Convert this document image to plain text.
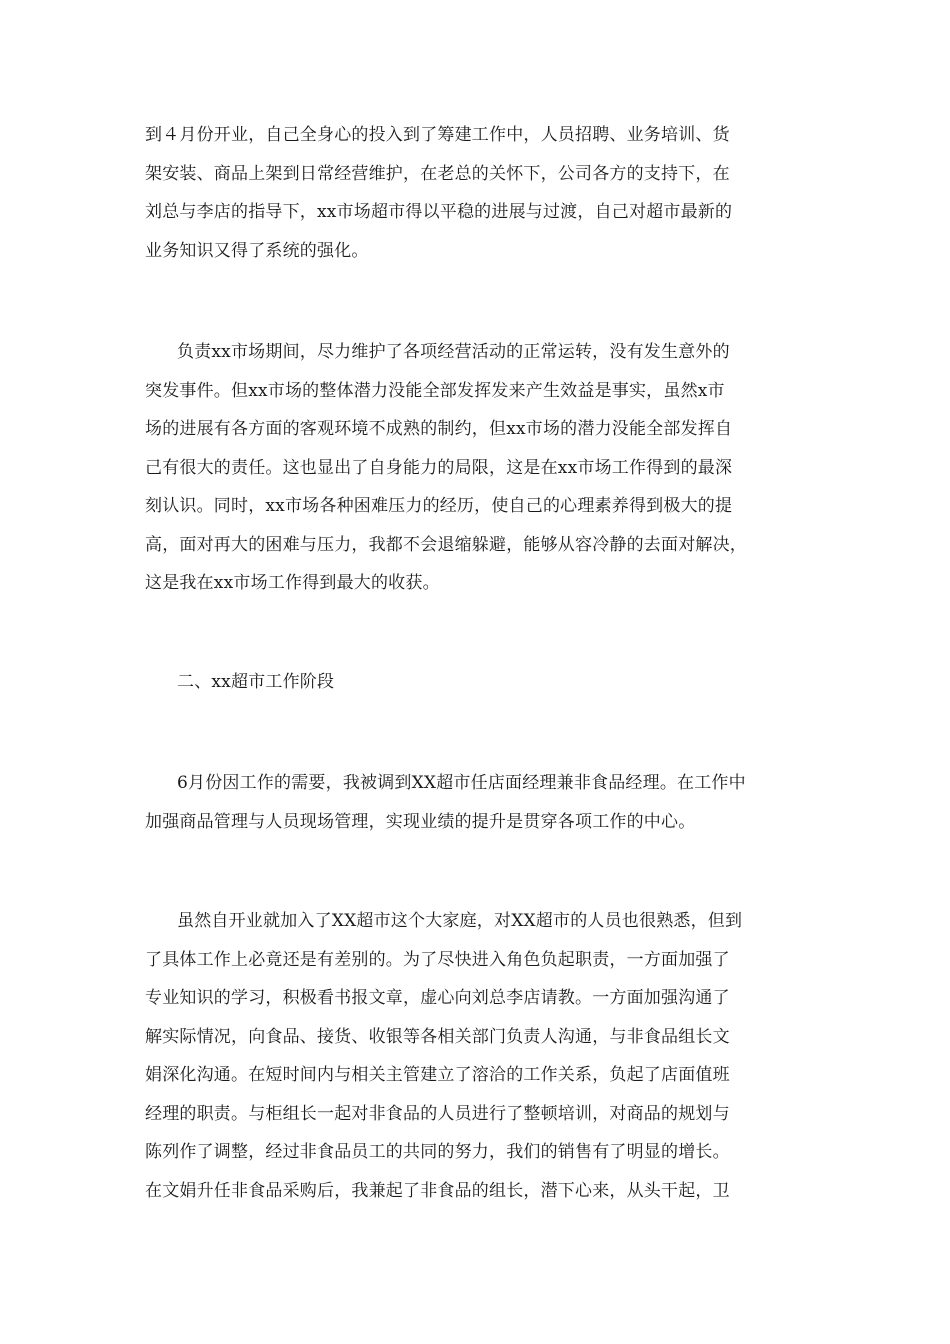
到４月份开业，自己全身心的投入到了筹建工作中，人员招聘、业务培训、货
架安装、商品上架到日常经营维护，在老总的关怀下，公司各方的支持下，在
刘总与李店的指导下，xx市场超市得以平稳的进展与过渡，自己对超市最新的
业务知识又得了系统的强化。
负责xx市场期间，尽力维护了各项经营活动的正常运转，没有发生意外的
突发事件。但xx市场的整体潜力没能全部发挥发来产生效益是事实，虽然x市
场的进展有各方面的客观环境不成熟的制约，但xx市场的潜力没能全部发挥自
己有很大的责任。这也显出了自身能力的局限，这是在xx市场工作得到的最深
刻认识。同时，xx市场各种困难压力的经历，使自己的心理素养得到极大的提
高，面对再大的困难与压力，我都不会退缩躲避，能够从容冷静的去面对解决，
这是我在xx市场工作得到最大的收获。
二、xx超市工作阶段
6月份因工作的需要，我被调到XX超市任店面经理兼非食品经理。在工作中
加强商品管理与人员现场管理，实现业绩的提升是贯穿各项工作的中心。
虽然自开业就加入了XX超市这个大家庭，对XX超市的人员也很熟悉，但到
了具体工作上必竟还是有差别的。为了尽快进入角色负起职责，一方面加强了
专业知识的学习，积极看书报文章，虚心向刘总李店请教。一方面加强沟通了
解实际情况，向食品、接货、收银等各相关部门负责人沟通，与非食品组长文
娟深化沟通。在短时间内与相关主管建立了溶洽的工作关系，负起了店面值班
经理的职责。与柜组长一起对非食品的人员进行了整顿培训，对商品的规划与
陈列作了调整，经过非食品员工的共同的努力，我们的销售有了明显的增长。
在文娟升任非食品采购后，我兼起了非食品的组长，潜下心来，从头干起，卫
